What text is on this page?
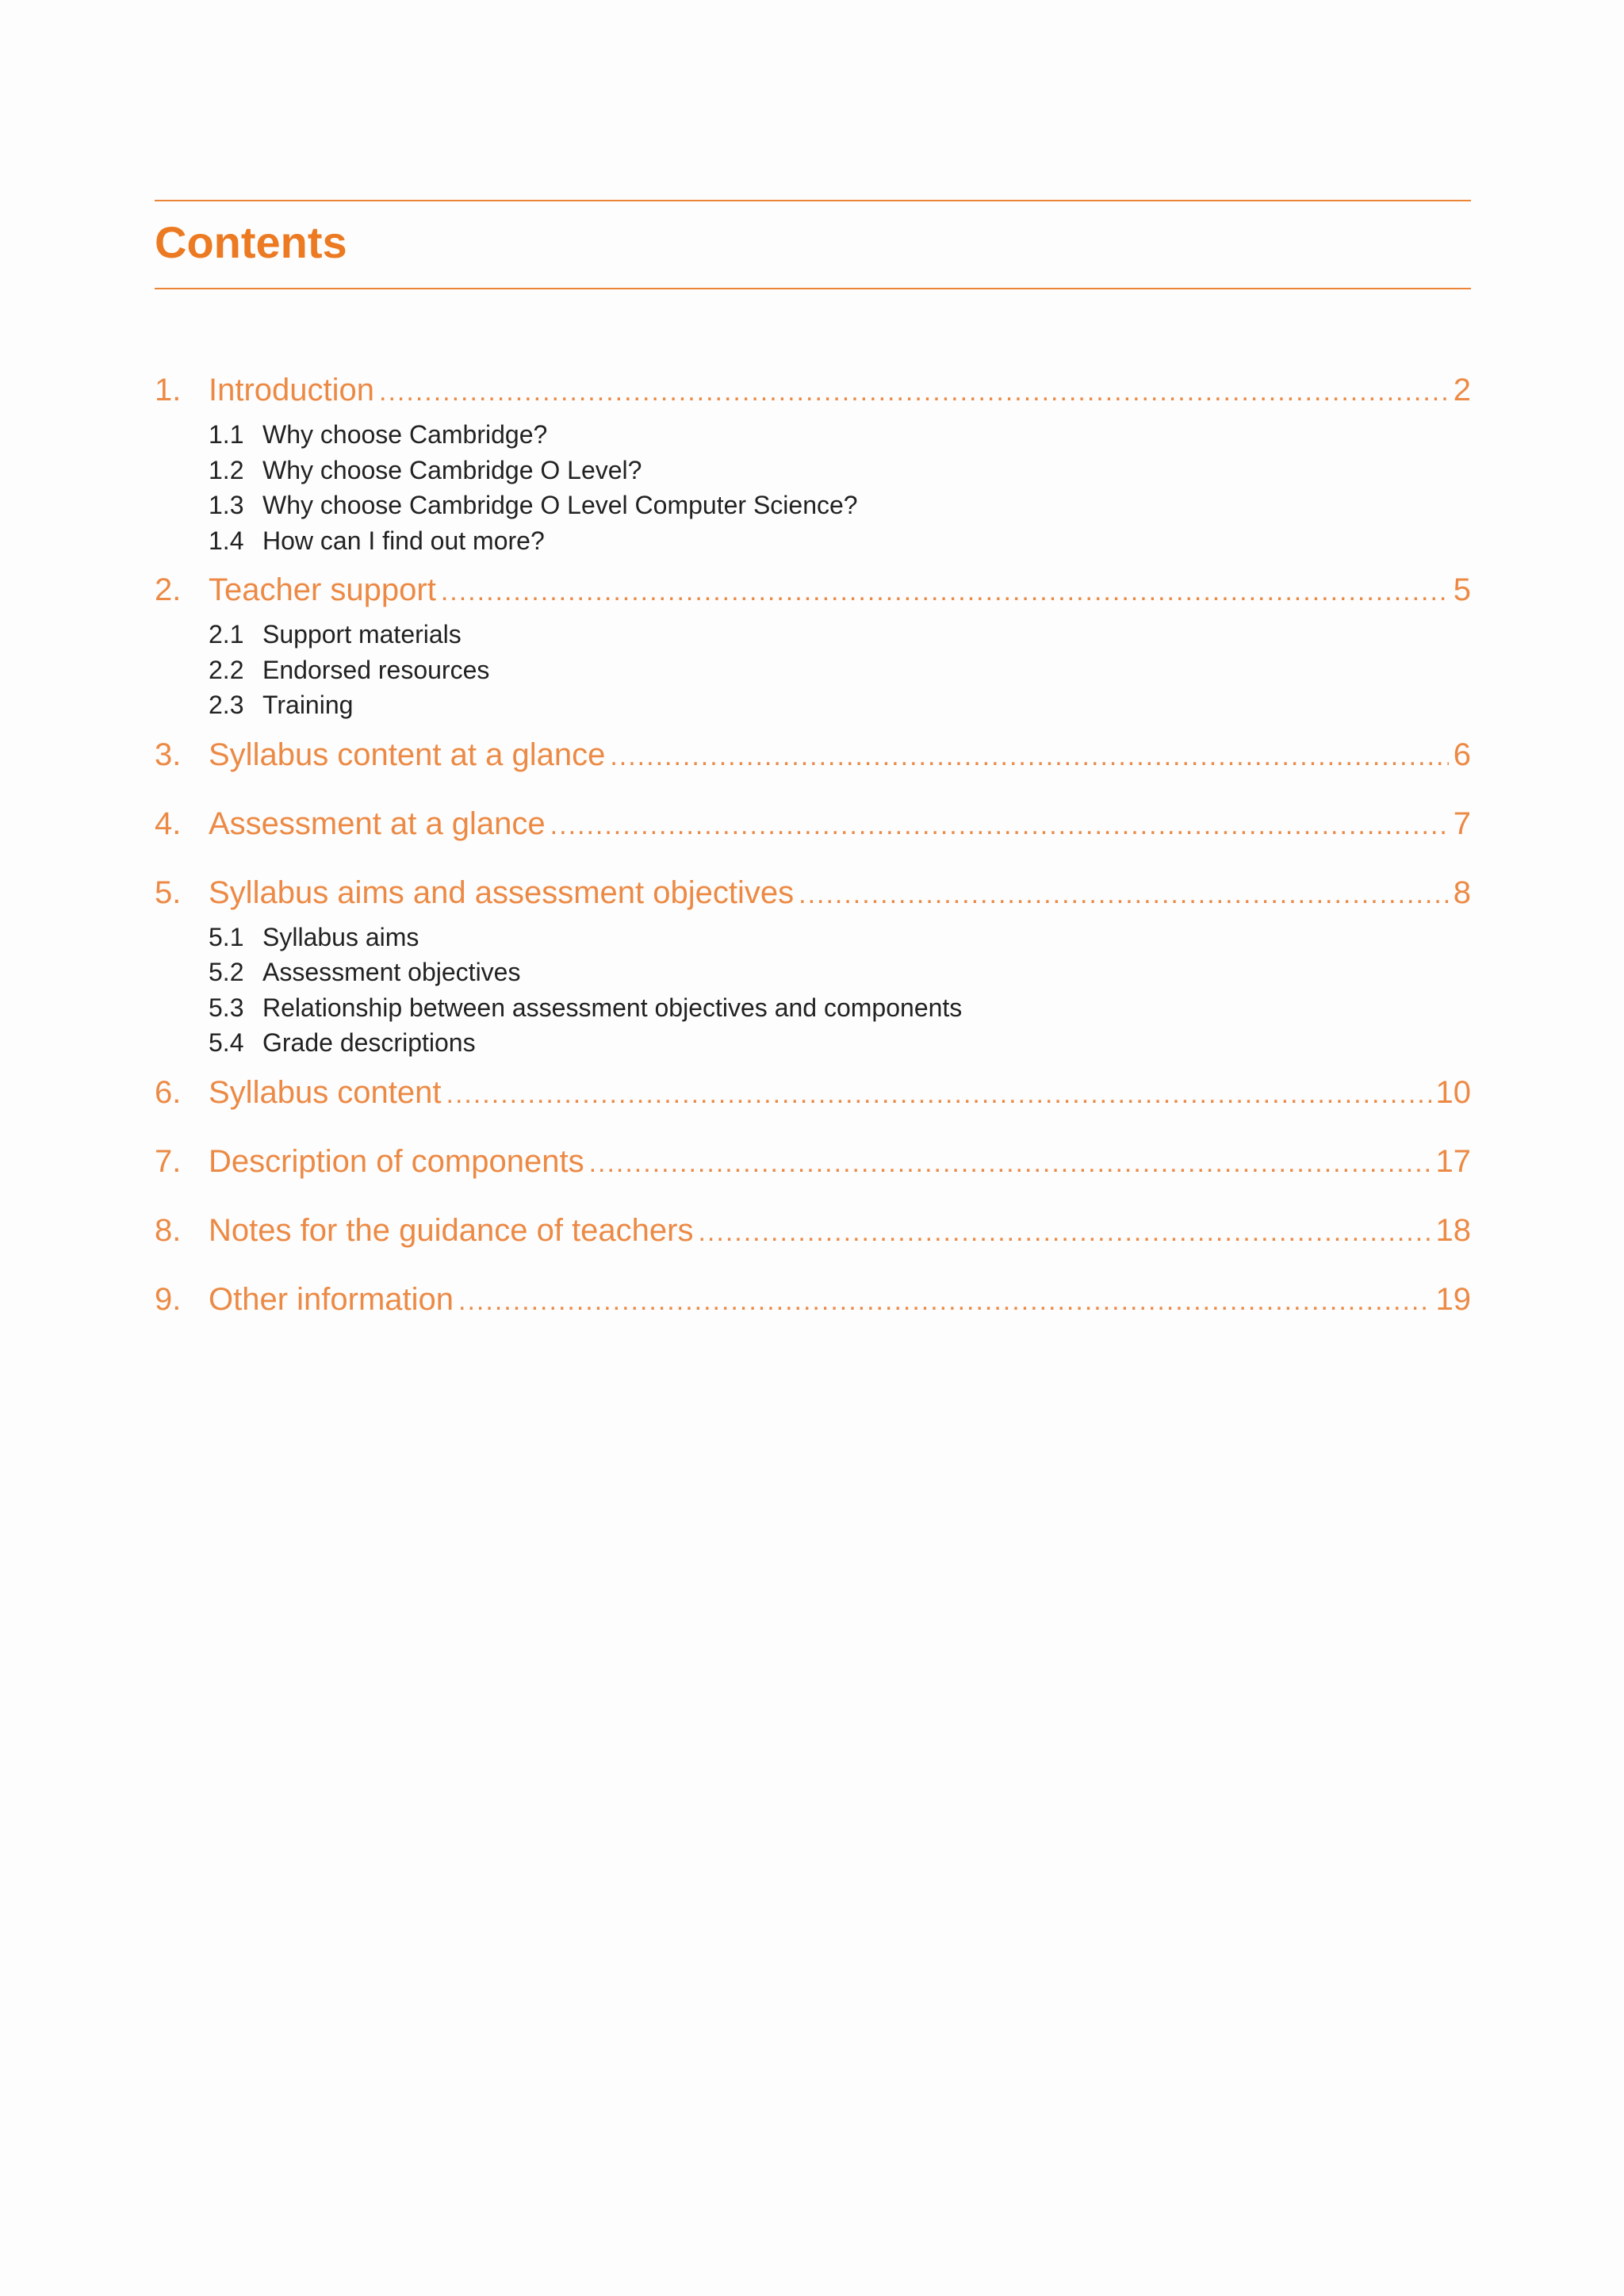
Contents
1. Introduction .....	2
1.1 Why choose Cambridge?
1.2 Why choose Cambridge O Level?
1.3 Why choose Cambridge O Level Computer Science?
1.4 How can I find out more?
2. Teacher support .....	5
2.1 Support materials
2.2 Endorsed resources
2.3 Training
3. Syllabus content at a glance .....	6
4. Assessment at a glance .....	7
5. Syllabus aims and assessment objectives .....	8
5.1 Syllabus aims
5.2 Assessment objectives
5.3 Relationship between assessment objectives and components
5.4 Grade descriptions
6. Syllabus content .....	10
7. Description of components .....	17
8. Notes for the guidance of teachers .....	18
9. Other information .....	19
